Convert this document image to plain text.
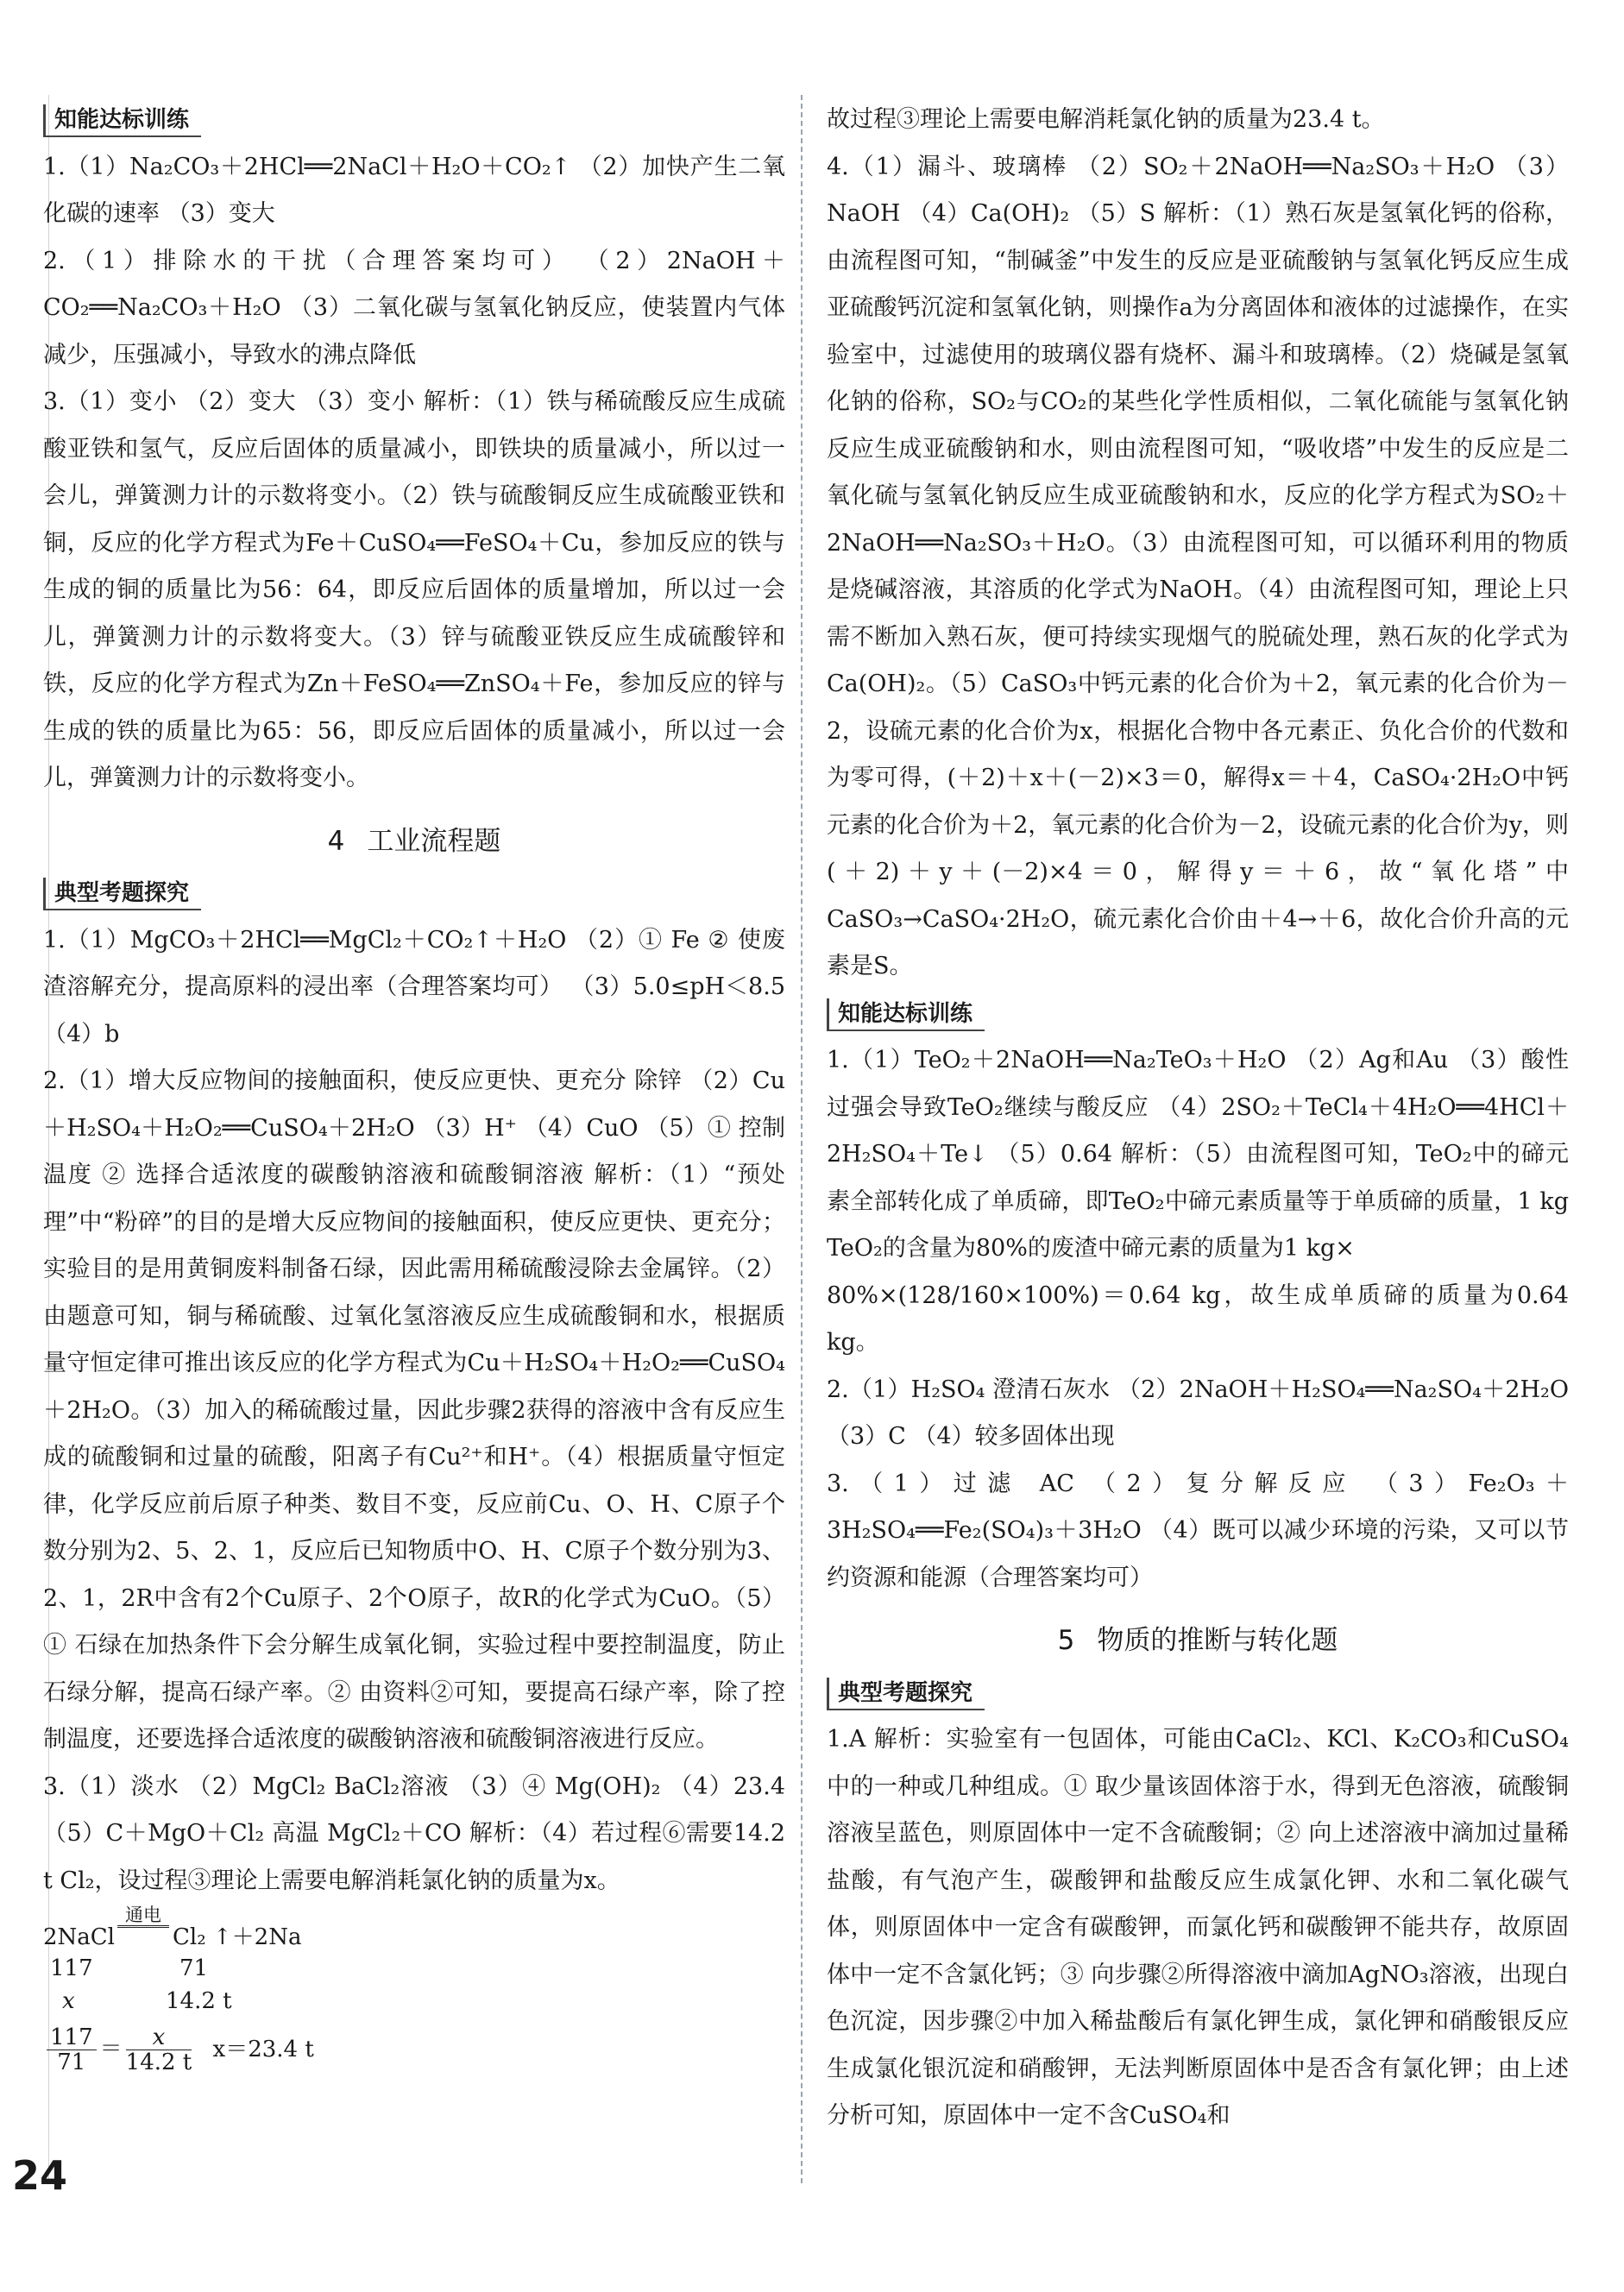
知能达标训练

1.（1）Na₂CO₃＋2HCl══2NaCl＋H₂O＋CO₂↑ （2）加快产生二氧化碳的速率 （3）变大

2.（1）排除水的干扰（合理答案均可） （2）2NaOH＋CO₂══Na₂CO₃＋H₂O （3）二氧化碳与氢氧化钠反应，使装置内气体减少，压强减小，导致水的沸点降低

3.（1）变小 （2）变大 （3）变小 解析：（1）铁与稀硫酸反应生成硫酸亚铁和氢气，反应后固体的质量减小，即铁块的质量减小，所以过一会儿，弹簧测力计的示数将变小。（2）铁与硫酸铜反应生成硫酸亚铁和铜，反应的化学方程式为Fe＋CuSO₄══FeSO₄＋Cu，参加反应的铁与生成的铜的质量比为56：64，即反应后固体的质量增加，所以过一会儿，弹簧测力计的示数将变大。（3）锌与硫酸亚铁反应生成硫酸锌和铁，反应的化学方程式为Zn＋FeSO₄══ZnSO₄＋Fe，参加反应的锌与生成的铁的质量比为65：56，即反应后固体的质量减小，所以过一会儿，弹簧测力计的示数将变小。

4 工业流程题
典型考题探究

1.（1）MgCO₃＋2HCl══MgCl₂＋CO₂↑＋H₂O （2）① Fe ② 使废渣溶解充分，提高原料的浸出率（合理答案均可） （3）5.0≤pH＜8.5 （4）b

2.（1）增大反应物间的接触面积，使反应更快、更充分 除锌 （2）Cu＋H₂SO₄＋H₂O₂══CuSO₄＋2H₂O （3）H⁺ （4）CuO （5）① 控制温度 ② 选择合适浓度的碳酸钠溶液和硫酸铜溶液 解析：（1）“预处理”中“粉碎”的目的是增大反应物间的接触面积，使反应更快、更充分；实验目的是用黄铜废料制备石绿，因此需用稀硫酸浸除去金属锌。（2）由题意可知，铜与稀硫酸、过氧化氢溶液反应生成硫酸铜和水，根据质量守恒定律可推出该反应的化学方程式为Cu＋H₂SO₄＋H₂O₂══CuSO₄＋2H₂O。（3）加入的稀硫酸过量，因此步骤2获得的溶液中含有反应生成的硫酸铜和过量的硫酸，阳离子有Cu²⁺和H⁺。（4）根据质量守恒定律，化学反应前后原子种类、数目不变，反应前Cu、O、H、C原子个数分别为2、5、2、1，反应后已知物质中O、H、C原子个数分别为3、2、1，2R中含有2个Cu原子、2个O原子，故R的化学式为CuO。（5）① 石绿在加热条件下会分解生成氧化铜，实验过程中要控制温度，防止石绿分解，提高石绿产率。② 由资料②可知，要提高石绿产率，除了控制温度，还要选择合适浓度的碳酸钠溶液和硫酸铜溶液进行反应。

3.（1）淡水 （2）MgCl₂ BaCl₂溶液 （3）④ Mg(OH)₂ （4）23.4 （5）C＋MgO＋Cl₂ 高温 MgCl₂＋CO 解析：（4）若过程⑥需要14.2 t Cl₂，设过程③理论上需要电解消耗氯化钠的质量为x。

2NaCl
通电
Cl₂ ↑＋2Na
117	71
x	14.2 t
$\frac{117}{71} = \frac{x}{14.2 t} x=23.4$ t

故过程③理论上需要电解消耗氯化钠的质量为23.4 t。

4.（1）漏斗、玻璃棒 （2）SO₂＋2NaOH══Na₂SO₃＋H₂O （3）NaOH （4）Ca(OH)₂ （5）S 解析：（1）熟石灰是氢氧化钙的俗称，由流程图可知，“制碱釜”中发生的反应是亚硫酸钠与氢氧化钙反应生成亚硫酸钙沉淀和氢氧化钠，则操作a为分离固体和液体的过滤操作，在实验室中，过滤使用的玻璃仪器有烧杯、漏斗和玻璃棒。（2）烧碱是氢氧化钠的俗称，SO₂与CO₂的某些化学性质相似，二氧化硫能与氢氧化钠反应生成亚硫酸钠和水，则由流程图可知，“吸收塔”中发生的反应是二氧化硫与氢氧化钠反应生成亚硫酸钠和水，反应的化学方程式为SO₂＋2NaOH══Na₂SO₃＋H₂O。（3）由流程图可知，可以循环利用的物质是烧碱溶液，其溶质的化学式为NaOH。（4）由流程图可知，理论上只需不断加入熟石灰，便可持续实现烟气的脱硫处理，熟石灰的化学式为Ca(OH)₂。（5）CaSO₃中钙元素的化合价为＋2，氧元素的化合价为－2，设硫元素的化合价为x，根据化合物中各元素正、负化合价的代数和为零可得，(＋2)＋x＋(－2)×3＝0，解得x＝＋4，CaSO₄·2H₂O中钙元素的化合价为＋2，氧元素的化合价为－2，设硫元素的化合价为y，则(＋2)＋y＋(－2)×4＝0，解得y＝＋6，故“氧化塔”中CaSO₃→CaSO₄·2H₂O，硫元素化合价由＋4→＋6，故化合价升高的元素是S。

知能达标训练

1.（1）TeO₂＋2NaOH══Na₂TeO₃＋H₂O （2）Ag和Au （3）酸性过强会导致TeO₂继续与酸反应 （4）2SO₂＋TeCl₄＋4H₂O══4HCl＋2H₂SO₄＋Te↓ （5）0.64 解析：（5）由流程图可知，TeO₂中的碲元素全部转化成了单质碲，即TeO₂中碲元素质量等于单质碲的质量，1 kg TeO₂的含量为80%的废渣中碲元素的质量为1 kg×

80%×(128/160×100%)＝0.64 kg，故生成单质碲的质量为0.64 kg。

2.（1）H₂SO₄ 澄清石灰水 （2）2NaOH＋H₂SO₄══Na₂SO₄＋2H₂O （3）C （4）较多固体出现

3.（1）过滤 AC （2）复分解反应 （3）Fe₂O₃＋3H₂SO₄══Fe₂(SO₄)₃＋3H₂O （4）既可以减少环境的污染，又可以节约资源和能源（合理答案均可）

5 物质的推断与转化题
典型考题探究

1.A 解析：实验室有一包固体，可能由CaCl₂、KCl、K₂CO₃和CuSO₄中的一种或几种组成。① 取少量该固体溶于水，得到无色溶液，硫酸铜溶液呈蓝色，则原固体中一定不含硫酸铜；② 向上述溶液中滴加过量稀盐酸，有气泡产生，碳酸钾和盐酸反应生成氯化钾、水和二氧化碳气体，则原固体中一定含有碳酸钾，而氯化钙和碳酸钾不能共存，故原固体中一定不含氯化钙；③ 向步骤②所得溶液中滴加AgNO₃溶液，出现白色沉淀，因步骤②中加入稀盐酸后有氯化钾生成，氯化钾和硝酸银反应生成氯化银沉淀和硝酸钾，无法判断原固体中是否含有氯化钾；由上述分析可知，原固体中一定不含CuSO₄和

24
